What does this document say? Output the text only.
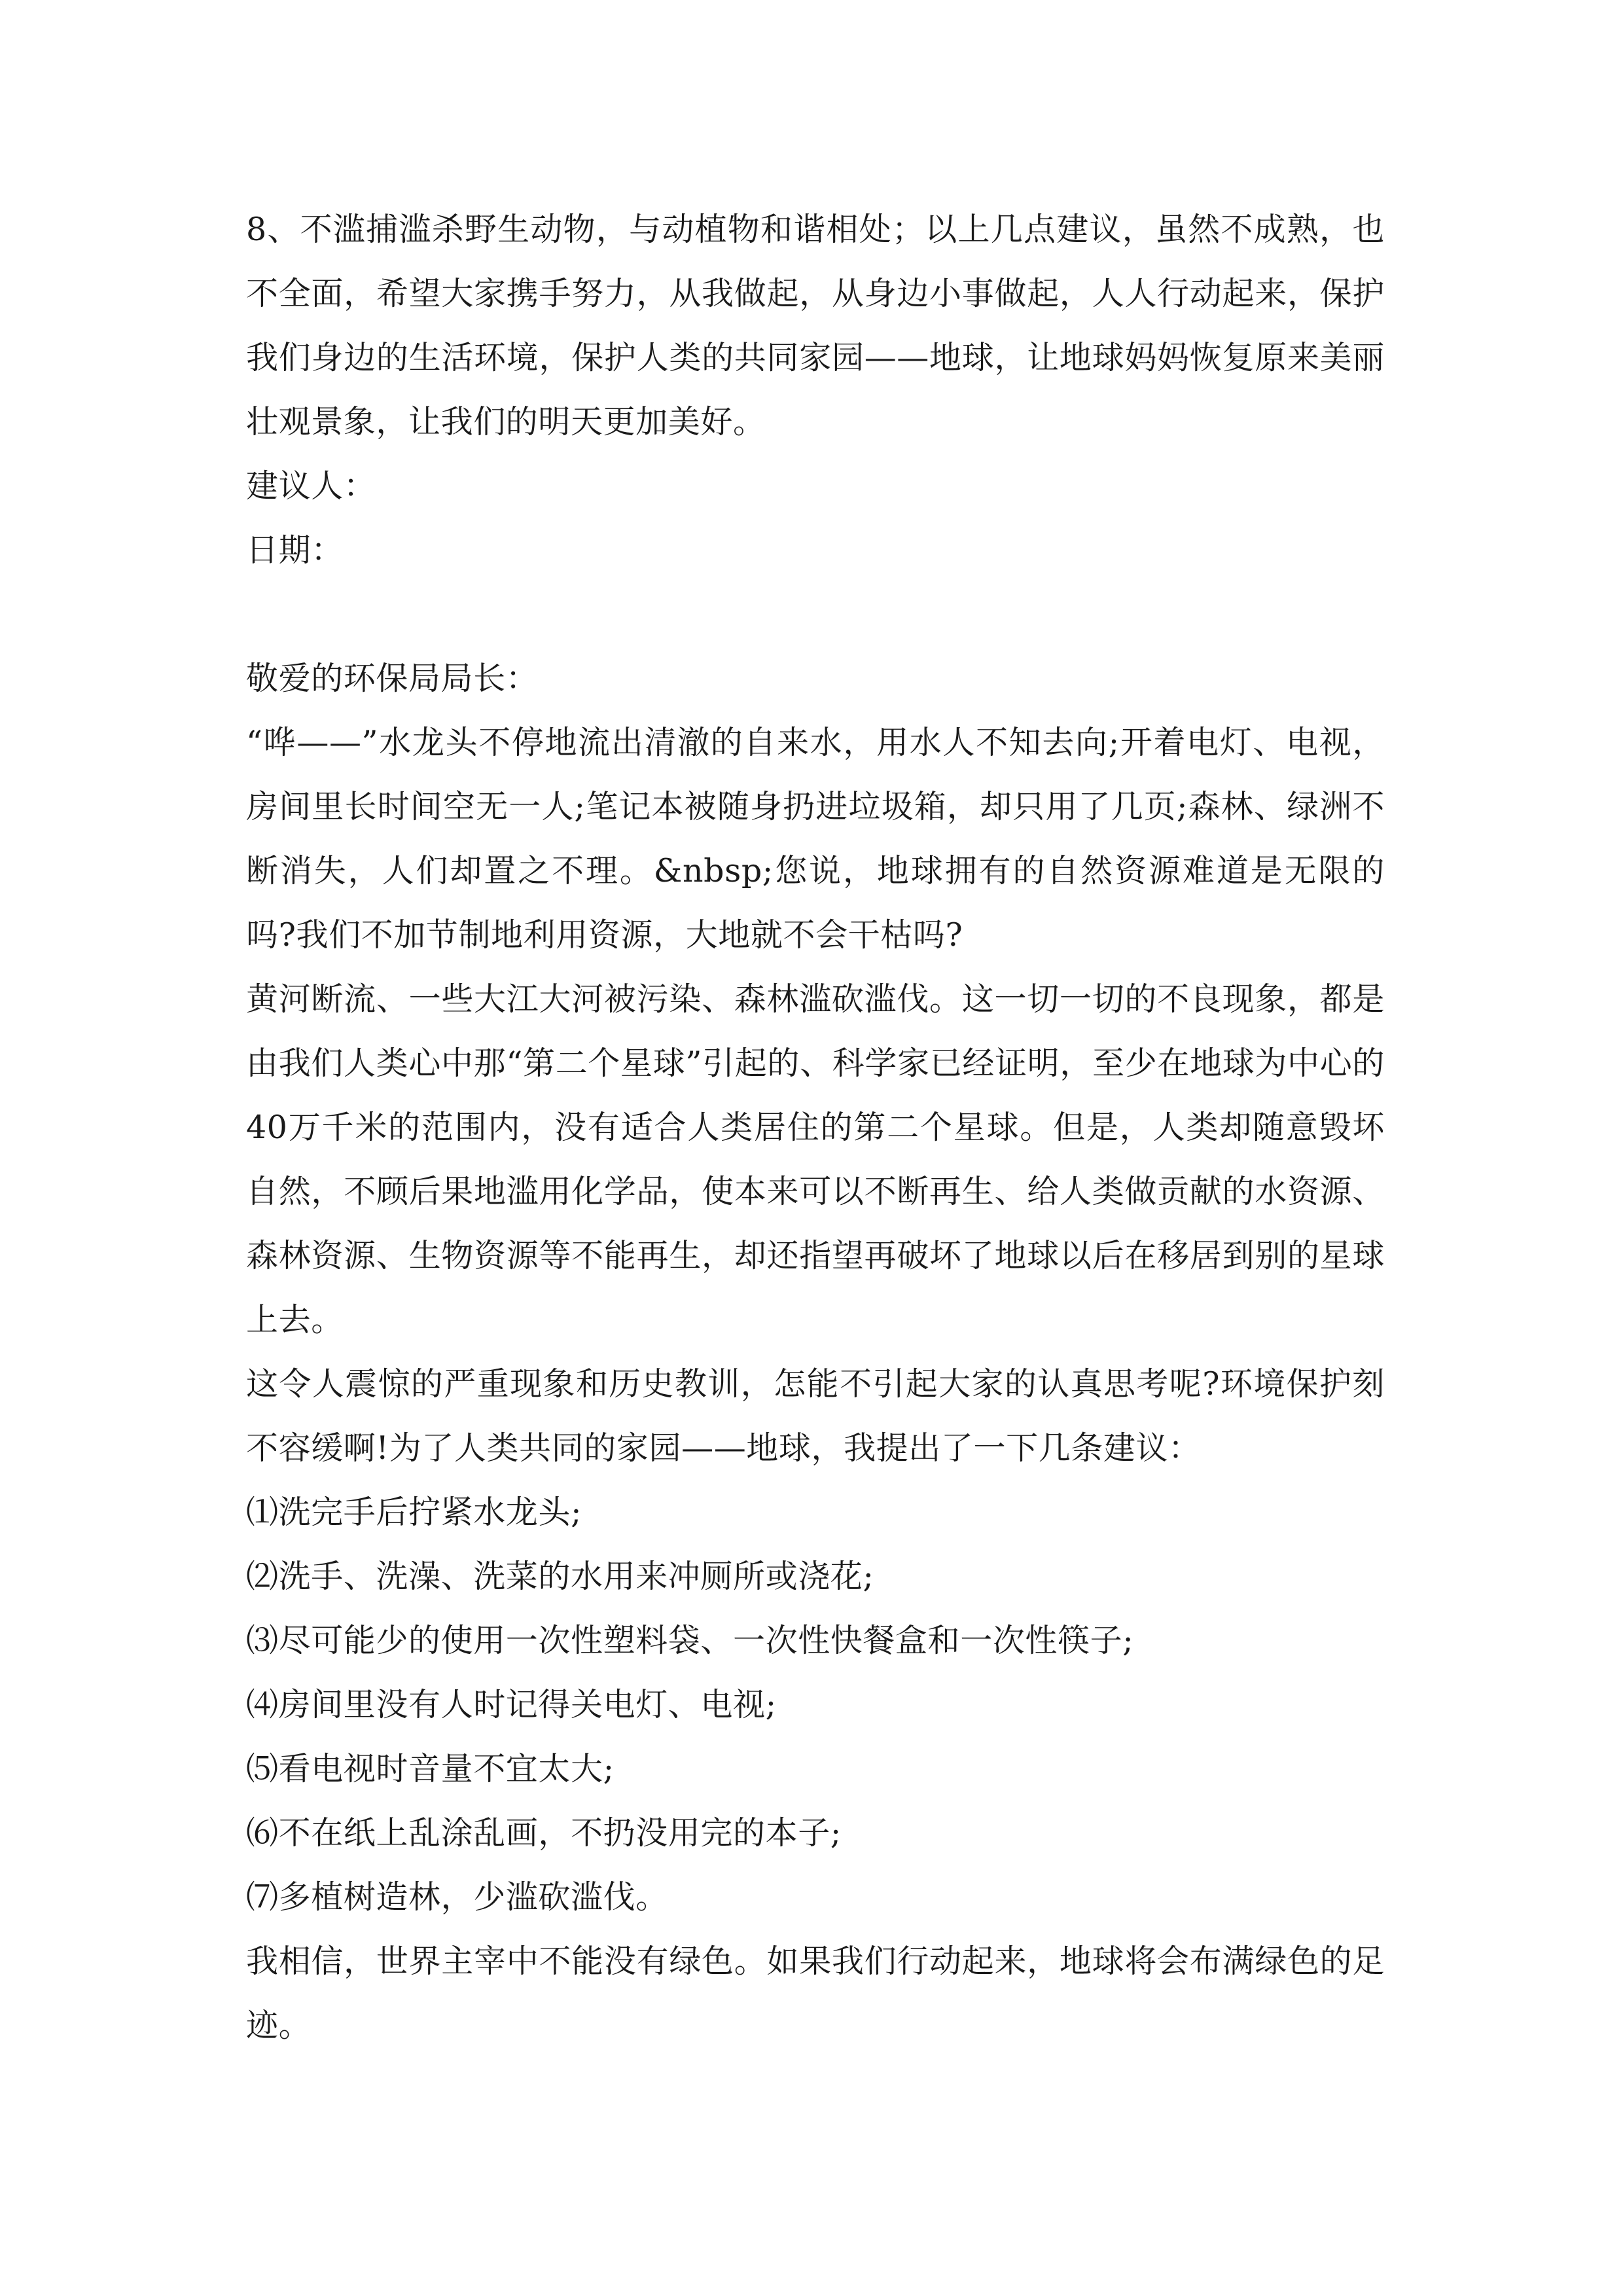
8、不滥捕滥杀野生动物，与动植物和谐相处；以上几点建议，虽然不成熟，也不全面，希望大家携手努力，从我做起，从身边小事做起，人人行动起来，保护我们身边的生活环境，保护人类的共同家园——地球，让地球妈妈恢复原来美丽壮观景象，让我们的明天更加美好。

建议人：

日期：

敬爱的环保局局长：

“哗——”水龙头不停地流出清澈的自来水，用水人不知去向;开着电灯、电视，房间里长时间空无一人;笔记本被随身扔进垃圾箱，却只用了几页;森林、绿洲不断消失，人们却置之不理。&nbsp;您说，地球拥有的自然资源难道是无限的吗?我们不加节制地利用资源，大地就不会干枯吗?

黄河断流、一些大江大河被污染、森林滥砍滥伐。这一切一切的不良现象，都是由我们人类心中那“第二个星球”引起的、科学家已经证明，至少在地球为中心的40万千米的范围内，没有适合人类居住的第二个星球。但是，人类却随意毁坏自然，不顾后果地滥用化学品，使本来可以不断再生、给人类做贡献的水资源、森林资源、生物资源等不能再生，却还指望再破坏了地球以后在移居到别的星球上去。

这令人震惊的严重现象和历史教训，怎能不引起大家的认真思考呢?环境保护刻不容缓啊!为了人类共同的家园——地球，我提出了一下几条建议：

⑴洗完手后拧紧水龙头;

⑵洗手、洗澡、洗菜的水用来冲厕所或浇花;

⑶尽可能少的使用一次性塑料袋、一次性快餐盒和一次性筷子;

⑷房间里没有人时记得关电灯、电视;

⑸看电视时音量不宜太大;

⑹不在纸上乱涂乱画，不扔没用完的本子;

⑺多植树造林，少滥砍滥伐。

我相信，世界主宰中不能没有绿色。如果我们行动起来，地球将会布满绿色的足迹。
